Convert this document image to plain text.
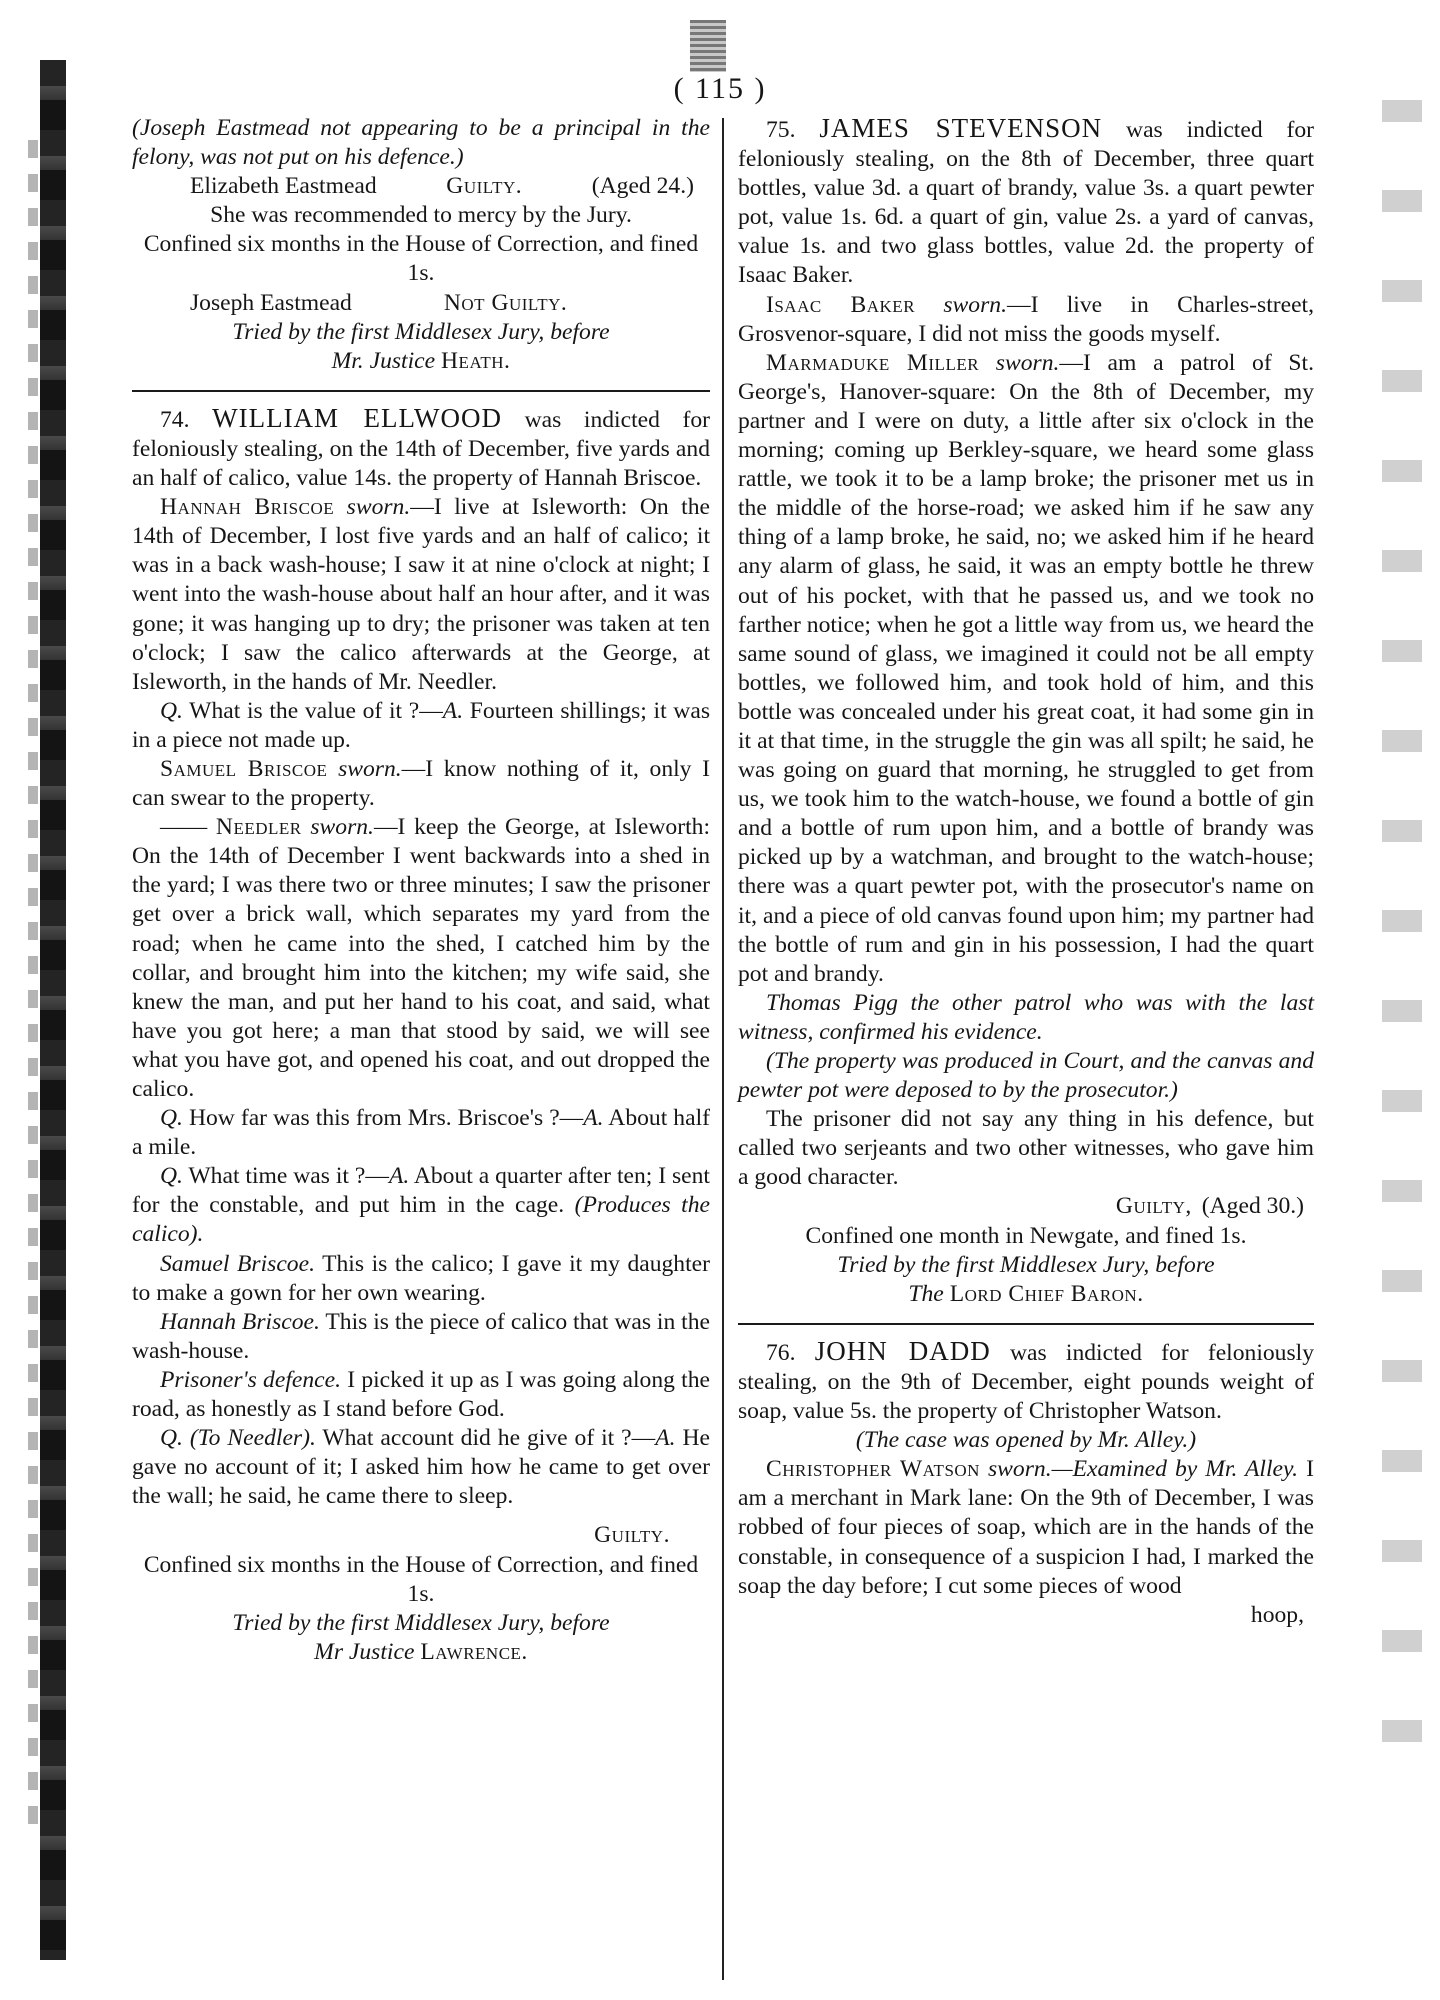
( 115 )

(Joseph Eastmead not appearing to be a principal in the felony, was not put on his defence.)

Elizabeth Eastmead	Guilty.	(Aged 24.)

She was recommended to mercy by the Jury.

Confined six months in the House of Correction, and fined 1s.

Joseph Eastmead	Not Guilty.

Tried by the first Middlesex Jury, before

Mr. Justice Heath.

74. WILLIAM ELLWOOD was indicted for feloniously stealing, on the 14th of December, five yards and an half of calico, value 14s. the property of Hannah Briscoe.

Hannah Briscoe sworn.—I live at Isleworth: On the 14th of December, I lost five yards and an half of calico; it was in a back wash-house; I saw it at nine o'clock at night; I went into the wash-house about half an hour after, and it was gone; it was hanging up to dry; the prisoner was taken at ten o'clock; I saw the calico afterwards at the George, at Isleworth, in the hands of Mr. Needler.

Q. What is the value of it ?—A. Fourteen shillings; it was in a piece not made up.

Samuel Briscoe sworn.—I know nothing of it, only I can swear to the property.

—— Needler sworn.—I keep the George, at Isleworth: On the 14th of December I went backwards into a shed in the yard; I was there two or three minutes; I saw the prisoner get over a brick wall, which separates my yard from the road; when he came into the shed, I catched him by the collar, and brought him into the kitchen; my wife said, she knew the man, and put her hand to his coat, and said, what have you got here; a man that stood by said, we will see what you have got, and opened his coat, and out dropped the calico.

Q. How far was this from Mrs. Briscoe's ?—A. About half a mile.

Q. What time was it ?—A. About a quarter after ten; I sent for the constable, and put him in the cage. (Produces the calico).

Samuel Briscoe. This is the calico; I gave it my daughter to make a gown for her own wearing.

Hannah Briscoe. This is the piece of calico that was in the wash-house.

Prisoner's defence. I picked it up as I was going along the road, as honestly as I stand before God.

Q. (To Needler). What account did he give of it ?—A. He gave no account of it; I asked him how he came to get over the wall; he said, he came there to sleep.

Guilty.

Confined six months in the House of Correction, and fined 1s.

Tried by the first Middlesex Jury, before

Mr Justice Lawrence.

75. JAMES STEVENSON was indicted for feloniously stealing, on the 8th of December, three quart bottles, value 3d. a quart of brandy, value 3s. a quart pewter pot, value 1s. 6d. a quart of gin, value 2s. a yard of canvas, value 1s. and two glass bottles, value 2d. the property of Isaac Baker.

Isaac Baker sworn.—I live in Charles-street, Grosvenor-square, I did not miss the goods myself.

Marmaduke Miller sworn.—I am a patrol of St. George's, Hanover-square: On the 8th of December, my partner and I were on duty, a little after six o'clock in the morning; coming up Berkley-square, we heard some glass rattle, we took it to be a lamp broke; the prisoner met us in the middle of the horse-road; we asked him if he saw any thing of a lamp broke, he said, no; we asked him if he heard any alarm of glass, he said, it was an empty bottle he threw out of his pocket, with that he passed us, and we took no farther notice; when he got a little way from us, we heard the same sound of glass, we imagined it could not be all empty bottles, we followed him, and took hold of him, and this bottle was concealed under his great coat, it had some gin in it at that time, in the struggle the gin was all spilt; he said, he was going on guard that morning, he struggled to get from us, we took him to the watch-house, we found a bottle of gin and a bottle of rum upon him, and a bottle of brandy was picked up by a watchman, and brought to the watch-house; there was a quart pewter pot, with the prosecutor's name on it, and a piece of old canvas found upon him; my partner had the bottle of rum and gin in his possession, I had the quart pot and brandy.

Thomas Pigg the other patrol who was with the last witness, confirmed his evidence.

(The property was produced in Court, and the canvas and pewter pot were deposed to by the prosecutor.)

The prisoner did not say any thing in his defence, but called two serjeants and two other witnesses, who gave him a good character.

Guilty, (Aged 30.)

Confined one month in Newgate, and fined 1s.

Tried by the first Middlesex Jury, before

The Lord Chief Baron.

76. JOHN DADD was indicted for feloniously stealing, on the 9th of December, eight pounds weight of soap, value 5s. the property of Christopher Watson.

(The case was opened by Mr. Alley.)

Christopher Watson sworn.—Examined by Mr. Alley. I am a merchant in Mark lane: On the 9th of December, I was robbed of four pieces of soap, which are in the hands of the constable, in consequence of a suspicion I had, I marked the soap the day before; I cut some pieces of wood

hoop,
